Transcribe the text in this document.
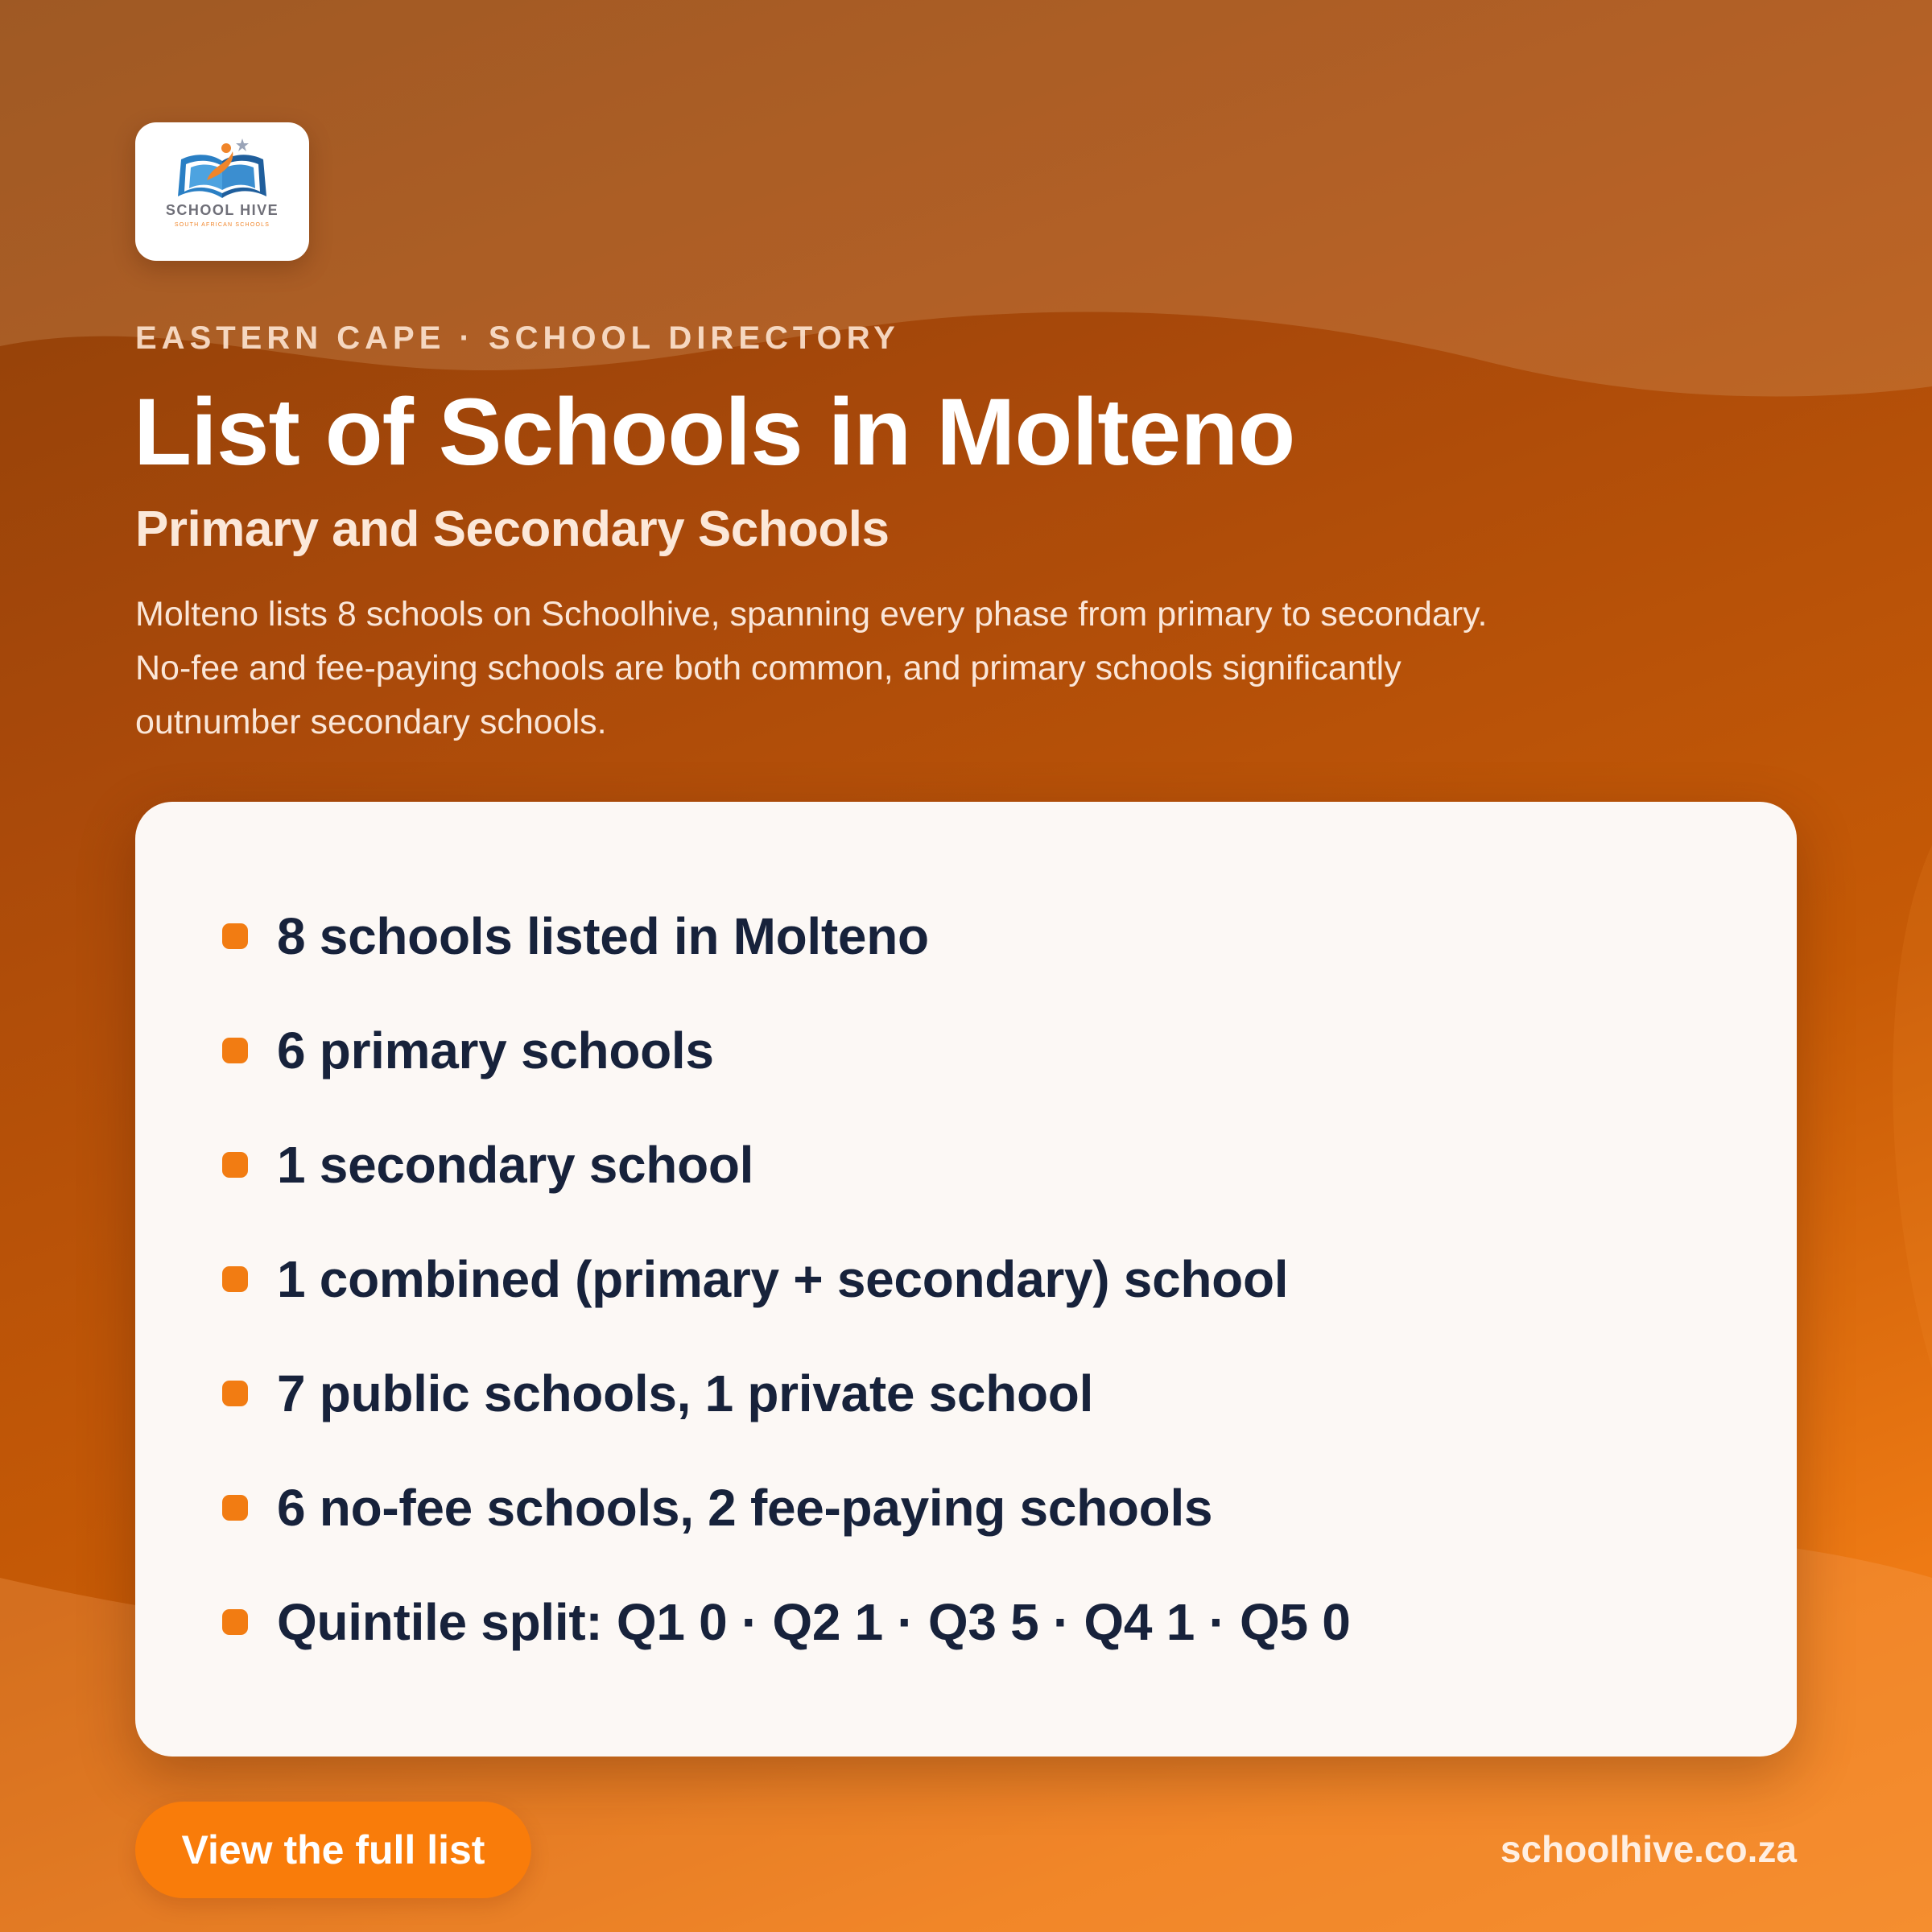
SCHOOL HIVE
SOUTH AFRICAN SCHOOLS
EASTERN CAPE · SCHOOL DIRECTORY
List of Schools in Molteno
Primary and Secondary Schools

Molteno lists 8 schools on Schoolhive, spanning every phase from primary to secondary. No-fee and fee-paying schools are both common, and primary schools significantly outnumber secondary schools.

8 schools listed in Molteno
6 primary schools
1 secondary school
1 combined (primary + secondary) school
7 public schools, 1 private school
6 no-fee schools, 2 fee-paying schools
Quintile split: Q1 0 · Q2 1 · Q3 5 · Q4 1 · Q5 0
View the full list	schoolhive.co.za
